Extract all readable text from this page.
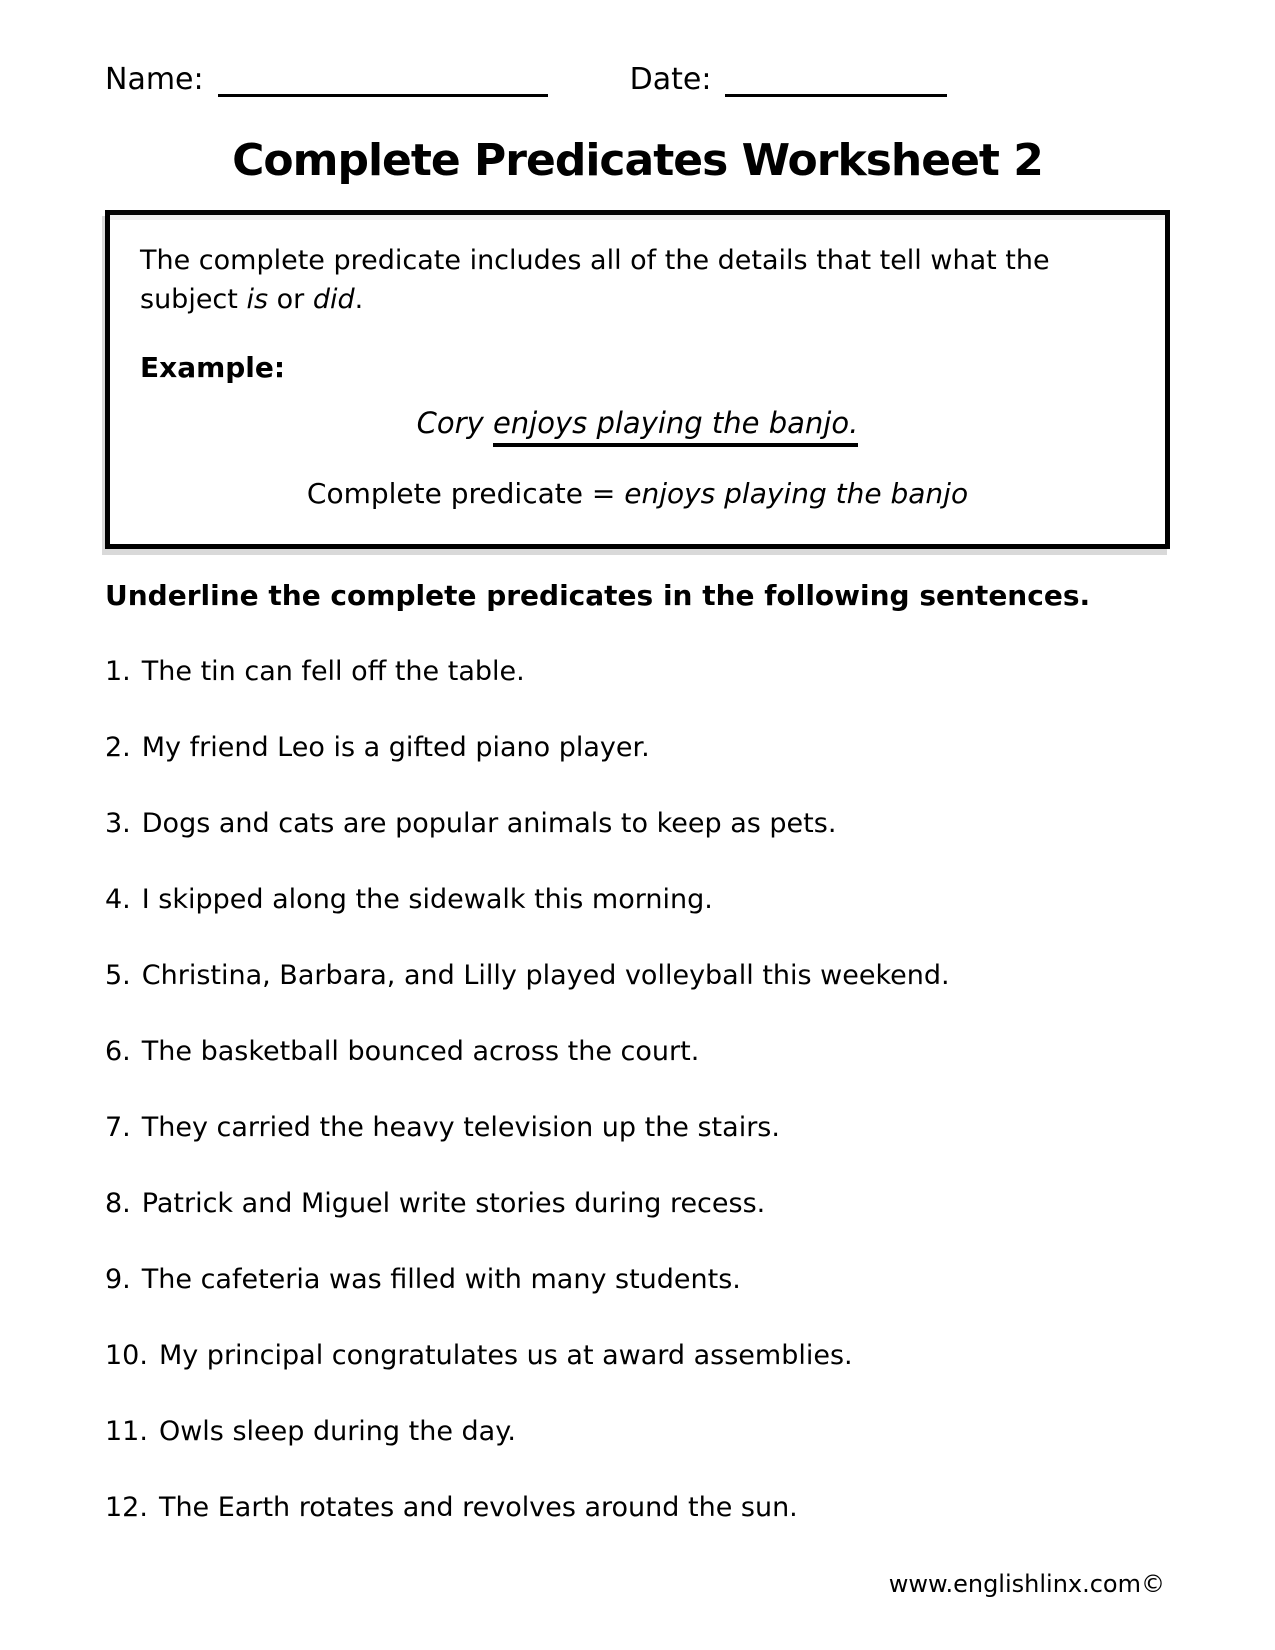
Name:	Date:
Complete Predicates Worksheet 2
The complete predicate includes all of the details that tell what the subject is or did.
Example:
Cory enjoys playing the banjo.
Complete predicate = enjoys playing the banjo
Underline the complete predicates in the following sentences.
1. The tin can fell off the table.
2. My friend Leo is a gifted piano player.
3. Dogs and cats are popular animals to keep as pets.
4. I skipped along the sidewalk this morning.
5. Christina, Barbara, and Lilly played volleyball this weekend.
6. The basketball bounced across the court.
7. They carried the heavy television up the stairs.
8. Patrick and Miguel write stories during recess.
9. The cafeteria was filled with many students.
10. My principal congratulates us at award assemblies.
11. Owls sleep during the day.
12. The Earth rotates and revolves around the sun.
www.englishlinx.com©
